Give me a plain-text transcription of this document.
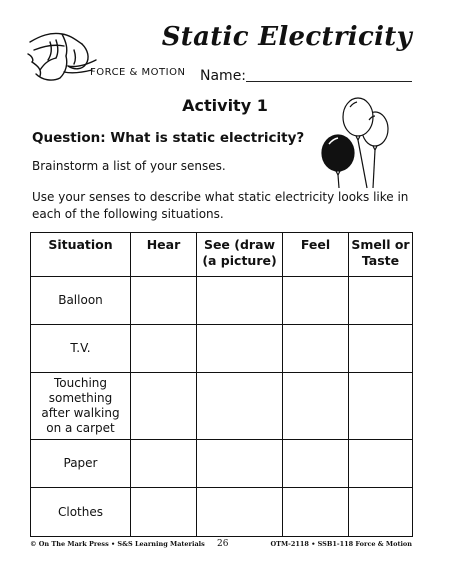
FORCE & MOTION
Static Electricity
Name:
Activity 1
Question: What is static electricity?
Brainstorm a list of your senses.
Use your senses to describe what static electricity looks like in each of the following situations.
Situation	Hear	See (draw (a picture)	Feel	Smell or Taste
Balloon				
T.V.				
Touching something after walking on a carpet				
Paper				
Clothes				
© On The Mark Press • S&S Learning Materials 26	OTM-2118 • SSB1-118 Force & Motion
